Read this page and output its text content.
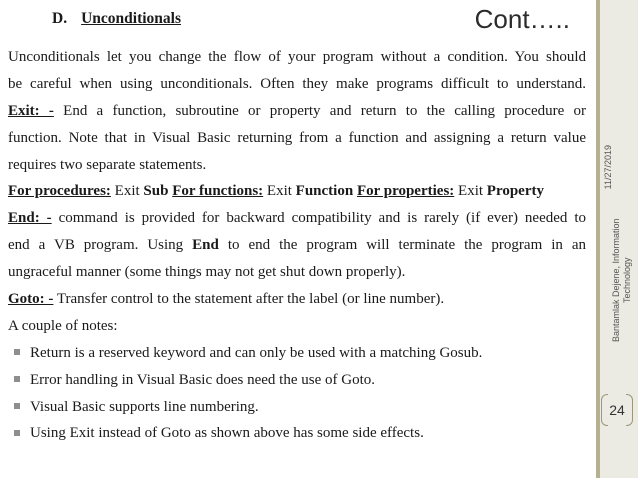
D. Unconditionals	Cont…..
Unconditionals let you change the flow of your program without a condition. You should
be careful when using unconditionals. Often they make programs difficult to understand.
Exit: - End a function, subroutine or property and return to the calling procedure or
function. Note that in Visual Basic returning from a function and assigning a return value
requires two separate statements.
For procedures: Exit Sub For functions: Exit Function For properties: Exit Property
End: - command is provided for backward compatibility and is rarely (if ever) needed to
end a VB program. Using End to end the program will terminate the program in an
ungraceful manner (some things may not get shut down properly).
Goto: - Transfer control to the statement after the label (or line number).
A couple of notes:
Return is a reserved keyword and can only be used with a matching Gosub.
Error handling in Visual Basic does need the use of Goto.
Visual Basic supports line numbering.
Using Exit instead of Goto as shown above has some side effects.
Bantamlak Dejene, Information Technology
11/27/2019
24
